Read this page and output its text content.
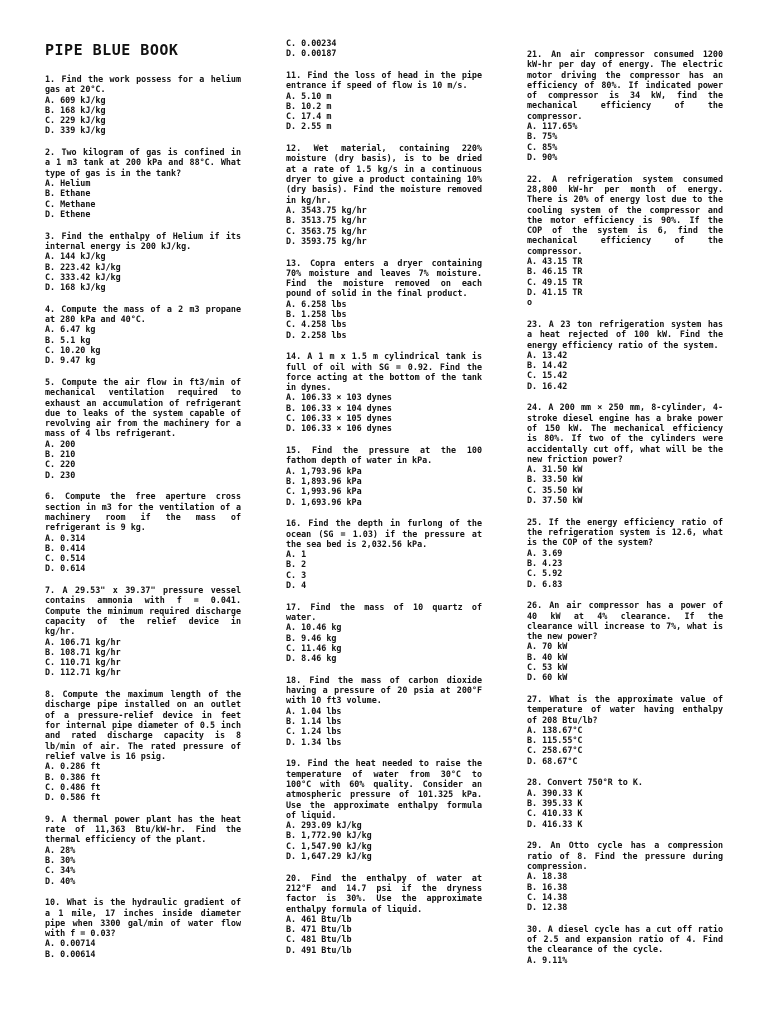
PIPE BLUE BOOK
1. Find the work possess for a helium gas at 20°C.
A. 609 kJ/kg
B. 168 kJ/kg
C. 229 kJ/kg
D. 339 kJ/kg
2. Two kilogram of gas is confined in a 1 m3 tank at 200 kPa and 88°C. What type of gas is in the tank?
A. Helium
B. Ethane
C. Methane
D. Ethene
3. Find the enthalpy of Helium if its internal energy is 200 kJ/kg.
A. 144 kJ/kg
B. 223.42 kJ/kg
C. 333.42 kJ/kg
D. 168 kJ/kg
4. Compute the mass of a 2 m3 propane at 280 kPa and 40°C.
A. 6.47 kg
B. 5.1 kg
C. 10.20 kg
D. 9.47 kg
5. Compute the air flow in ft3/min of mechanical ventilation required to exhaust an accumulation of refrigerant due to leaks of the system capable of revolving air from the machinery for a mass of 4 lbs refrigerant.
A. 200
B. 210
C. 220
D. 230
6. Compute the free aperture cross section in m3 for the ventilation of a machinery room if the mass of refrigerant is 9 kg.
A. 0.314
B. 0.414
C. 0.514
D. 0.614
7. A 29.53" x 39.37" pressure vessel contains ammonia with f = 0.041. Compute the minimum required discharge capacity of the relief device in kg/hr.
A. 106.71 kg/hr
B. 108.71 kg/hr
C. 110.71 kg/hr
D. 112.71 kg/hr
8. Compute the maximum length of the discharge pipe installed on an outlet of a pressure-relief device in feet for internal pipe diameter of 0.5 inch and rated discharge capacity is 8 lb/min of air. The rated pressure of relief valve is 16 psig.
A. 0.286 ft
B. 0.386 ft
C. 0.486 ft
D. 0.586 ft
9. A thermal power plant has the heat rate of 11,363 Btu/kW-hr. Find the thermal efficiency of the plant.
A. 28%
B. 30%
C. 34%
D. 40%
10. What is the hydraulic gradient of a 1 mile, 17 inches inside diameter pipe when 3300 gal/min of water flow with f = 0.03?
A. 0.00714
B. 0.00614
C. 0.00234
D. 0.00187
11. Find the loss of head in the pipe entrance if speed of flow is 10 m/s.
A. 5.10 m
B. 10.2 m
C. 17.4 m
D. 2.55 m
12. Wet material, containing 220% moisture (dry basis), is to be dried at a rate of 1.5 kg/s in a continuous dryer to give a product containing 10% (dry basis). Find the moisture removed in kg/hr.
A. 3543.75 kg/hr
B. 3513.75 kg/hr
C. 3563.75 kg/hr
D. 3593.75 kg/hr
13. Copra enters a dryer containing 70% moisture and leaves 7% moisture. Find the moisture removed on each pound of solid in the final product.
A. 6.258 lbs
B. 1.258 lbs
C. 4.258 lbs
D. 2.258 lbs
14. A 1 m x 1.5 m cylindrical tank is full of oil with SG = 0.92. Find the force acting at the bottom of the tank in dynes.
A. 106.33 × 103 dynes
B. 106.33 × 104 dynes
C. 106.33 × 105 dynes
D. 106.33 × 106 dynes
15. Find the pressure at the 100 fathom depth of water in kPa.
A. 1,793.96 kPa
B. 1,893.96 kPa
C. 1,993.96 kPa
D. 1,693.96 kPa
16. Find the depth in furlong of the ocean (SG = 1.03) if the pressure at the sea bed is 2,032.56 kPa.
A. 1
B. 2
C. 3
D. 4
17. Find the mass of 10 quartz of water.
A. 10.46 kg
B. 9.46 kg
C. 11.46 kg
D. 8.46 kg
18. Find the mass of carbon dioxide having a pressure of 20 psia at 200°F with 10 ft3 volume.
A. 1.04 lbs
B. 1.14 lbs
C. 1.24 lbs
D. 1.34 lbs
19. Find the heat needed to raise the temperature of water from 30°C to 100°C with 60% quality. Consider an atmospheric pressure of 101.325 kPa. Use the approximate enthalpy formula of liquid.
A. 293.09 kJ/kg
B. 1,772.90 kJ/kg
C. 1,547.90 kJ/kg
D. 1,647.29 kJ/kg
20. Find the enthalpy of water at 212°F and 14.7 psi if the dryness factor is 30%. Use the approximate enthalpy formula of liquid.
A. 461 Btu/lb
B. 471 Btu/lb
C. 481 Btu/lb
D. 491 Btu/lb
21. An air compressor consumed 1200 kW-hr per day of energy. The electric motor driving the compressor has an efficiency of 80%. If indicated power of compressor is 34 kW, find the mechanical efficiency of the compressor.
A. 117.65%
B. 75%
C. 85%
D. 90%
22. A refrigeration system consumed 28,800 kW-hr per month of energy. There is 20% of energy lost due to the cooling system of the compressor and the motor efficiency is 90%. If the COP of the system is 6, find the mechanical efficiency of the compressor.
A. 43.15 TR
B. 46.15 TR
C. 49.15 TR
D. 41.15 TR
o
23. A 23 ton refrigeration system has a heat rejected of 100 kW. Find the energy efficiency ratio of the system.
A. 13.42
B. 14.42
C. 15.42
D. 16.42
24. A 200 mm × 250 mm, 8-cylinder, 4-stroke diesel engine has a brake power of 150 kW. The mechanical efficiency is 80%. If two of the cylinders were accidentally cut off, what will be the new friction power?
A. 31.50 kW
B. 33.50 kW
C. 35.50 kW
D. 37.50 kW
25. If the energy efficiency ratio of the refrigeration system is 12.6, what is the COP of the system?
A. 3.69
B. 4.23
C. 5.92
D. 6.83
26. An air compressor has a power of 40 kW at 4% clearance. If the clearance will increase to 7%, what is the new power?
A. 70 kW
B. 40 kW
C. 53 kW
D. 60 kW
27. What is the approximate value of temperature of water having enthalpy of 208 Btu/lb?
A. 138.67°C
B. 115.55°C
C. 258.67°C
D. 68.67°C
28. Convert 750°R to K.
A. 390.33 K
B. 395.33 K
C. 410.33 K
D. 416.33 K
29. An Otto cycle has a compression ratio of 8. Find the pressure during compression.
A. 18.38
B. 16.38
C. 14.38
D. 12.38
30. A diesel cycle has a cut off ratio of 2.5 and expansion ratio of 4. Find the clearance of the cycle.
A. 9.11%
